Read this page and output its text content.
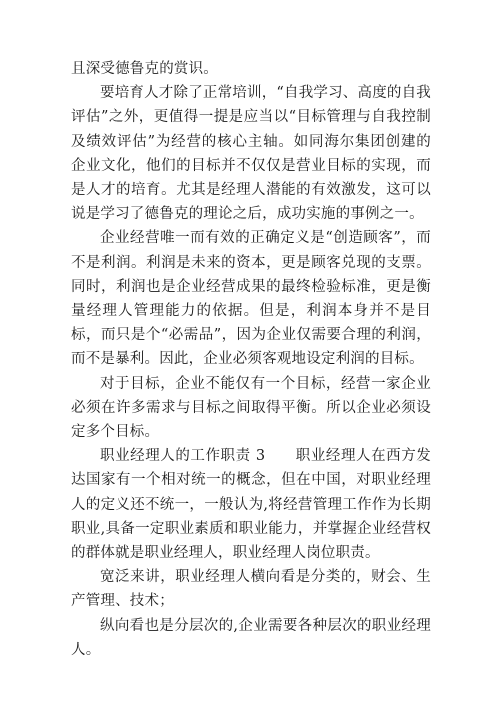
且深受德鲁克的赏识。

要培育人才除了正常培训，“自我学习、高度的自我评估”之外，更值得一提是应当以“目标管理与自我控制及绩效评估”为经营的核心主轴。如同海尔集团创建的企业文化，他们的目标并不仅仅是营业目标的实现，而是人才的培育。尤其是经理人潜能的有效激发，这可以说是学习了德鲁克的理论之后，成功实施的事例之一。

企业经营唯一而有效的正确定义是“创造顾客”，而不是利润。利润是未来的资本，更是顾客兑现的支票。同时，利润也是企业经营成果的最终检验标准，更是衡量经理人管理能力的依据。但是，利润本身并不是目标，而只是个“必需品”，因为企业仅需要合理的利润，而不是暴利。因此，企业必须客观地设定利润的目标。

对于目标，企业不能仅有一个目标，经营一家企业必须在许多需求与目标之间取得平衡。所以企业必须设定多个目标。

职业经理人的工作职责 3　　职业经理人在西方发达国家有一个相对统一的概念，但在中国，对职业经理人的定义还不统一，一般认为,将经营管理工作作为长期职业,具备一定职业素质和职业能力，并掌握企业经营权的群体就是职业经理人，职业经理人岗位职责。

宽泛来讲，职业经理人横向看是分类的，财会、生产管理、技术；

纵向看也是分层次的,企业需要各种层次的职业经理人。
